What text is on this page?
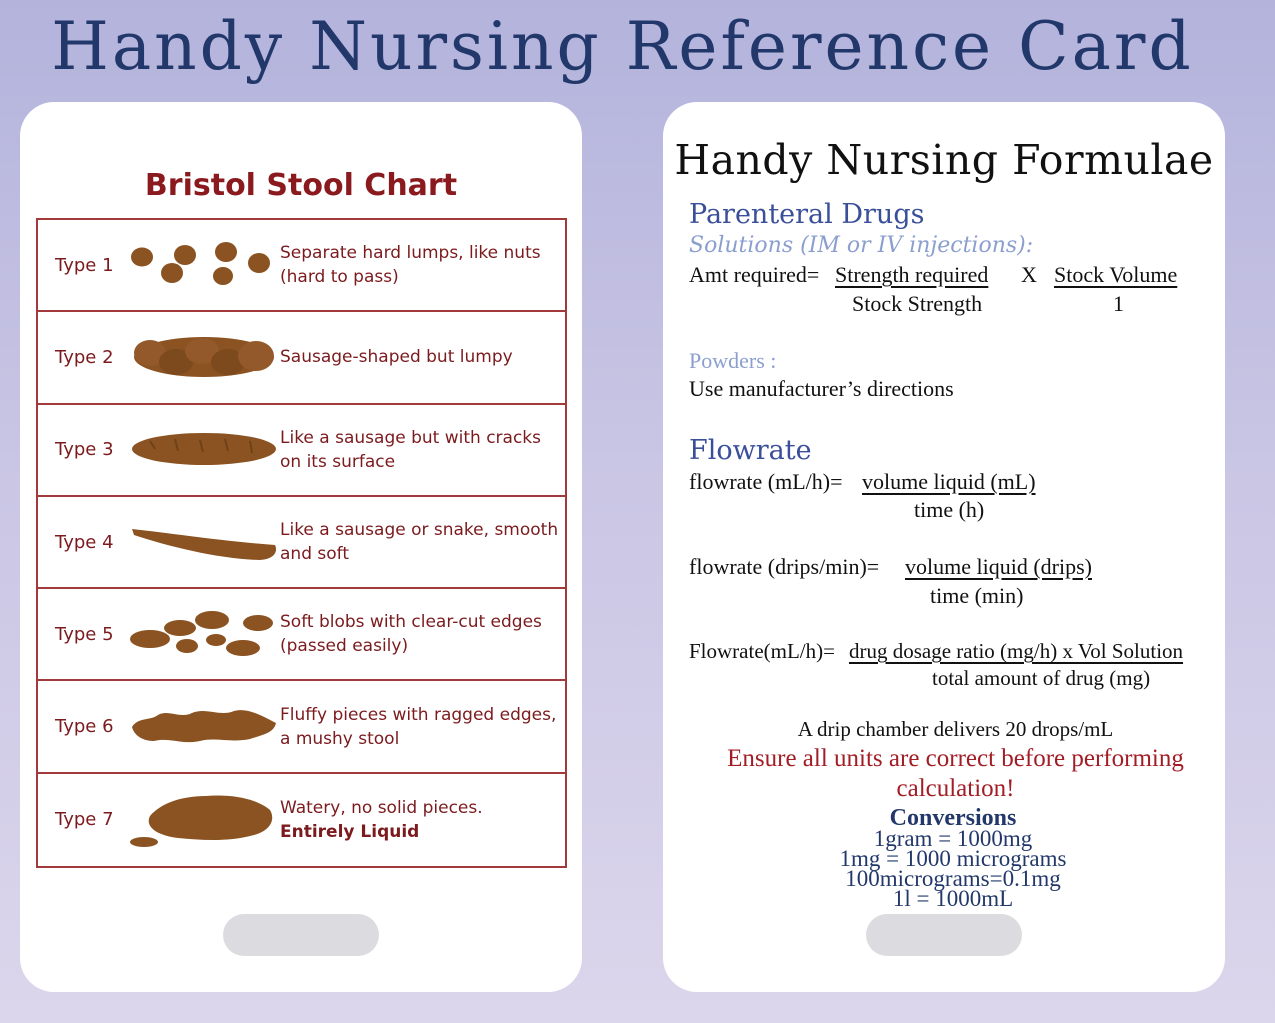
Handy Nursing Reference Card
Bristol Stool Chart
Type 1
Separate hard lumps, like nuts (hard to pass)
Type 2	Sausage-shaped but lumpy
Type 3
Like a sausage but with cracks on its surface
Type 4
Like a sausage or snake, smooth and soft
Type 5
Soft blobs with clear-cut edges (passed easily)
Type 6
Fluffy pieces with ragged edges, a mushy stool
Type 7
Watery, no solid pieces.
Entirely Liquid
Handy Nursing Formulae
Parenteral Drugs
Solutions (IM or IV injections):
Amt required= Strength required X Stock Volume
Stock Strength	1
Powders :
Use manufacturer’s directions
Flowrate
flowrate (mL/h)= volume liquid (mL)
time (h)
flowrate (drips/min)= volume liquid (drips)
time (min)
Flowrate(mL/h)= drug dosage ratio (mg/h) x Vol Solution
total amount of drug (mg)
A drip chamber delivers 20 drops/mL
Ensure all units are correct before performing
calculation!
Conversions
1gram = 1000mg
1mg = 1000 micrograms
100micrograms=0.1mg
1l = 1000mL
